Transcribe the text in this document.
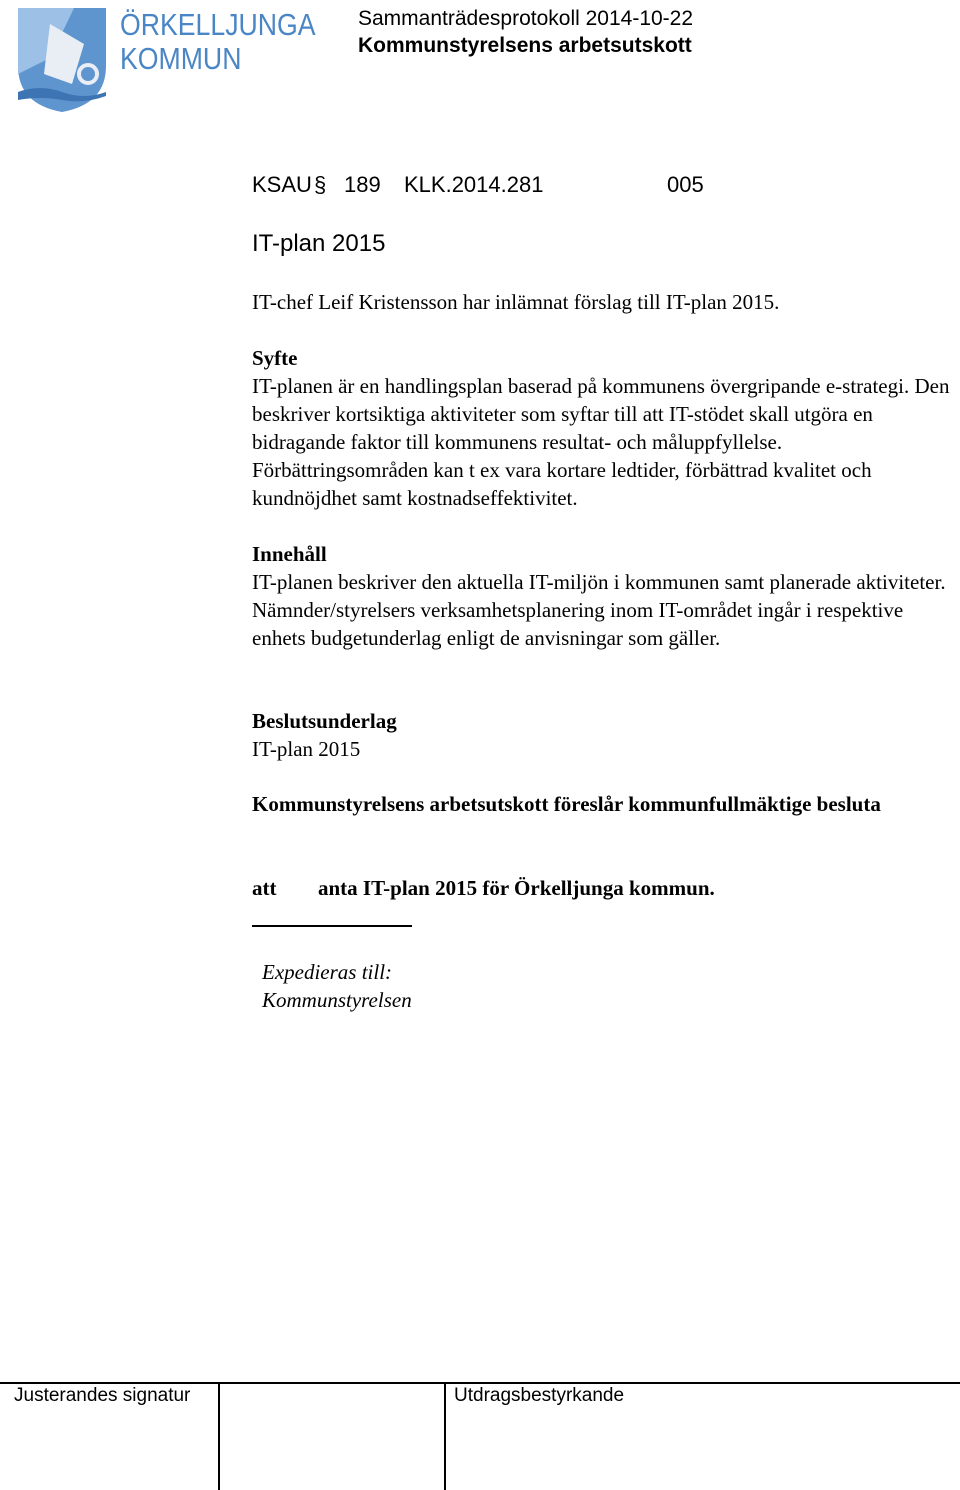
ÖRKELLJUNGA
KOMMUN
Sammanträdesprotokoll 2014-10-22
Kommunstyrelsens arbetsutskott

KSAU

§

189

KLK.2014.281

	005

IT-plan 2015
IT-chef Leif Kristensson har inlämnat förslag till IT-plan 2015.
Syfte
IT-planen är en handlingsplan baserad på kommunens övergripande e-strategi. Den beskriver kortsiktiga aktiviteter som syftar till att IT-stödet skall utgöra en bidragande faktor till kommunens resultat- och måluppfyllelse. Förbättringsområden kan t ex vara kortare ledtider, förbättrad kvalitet och kundnöjdhet samt kostnadseffektivitet.
Innehåll
IT-planen beskriver den aktuella IT-miljön i kommunen samt planerade aktiviteter. Nämnder/styrelsers verksamhetsplanering inom IT-området ingår i respektive enhets budgetunderlag enligt de anvisningar som gäller.
Beslutsunderlag
IT-plan 2015
Kommunstyrelsens arbetsutskott föreslår kommunfullmäktige besluta
att anta IT-plan 2015 för Örkelljunga kommun.
Expedieras till:
Kommunstyrelsen
Justerandes signatur	Utdragsbestyrkande
